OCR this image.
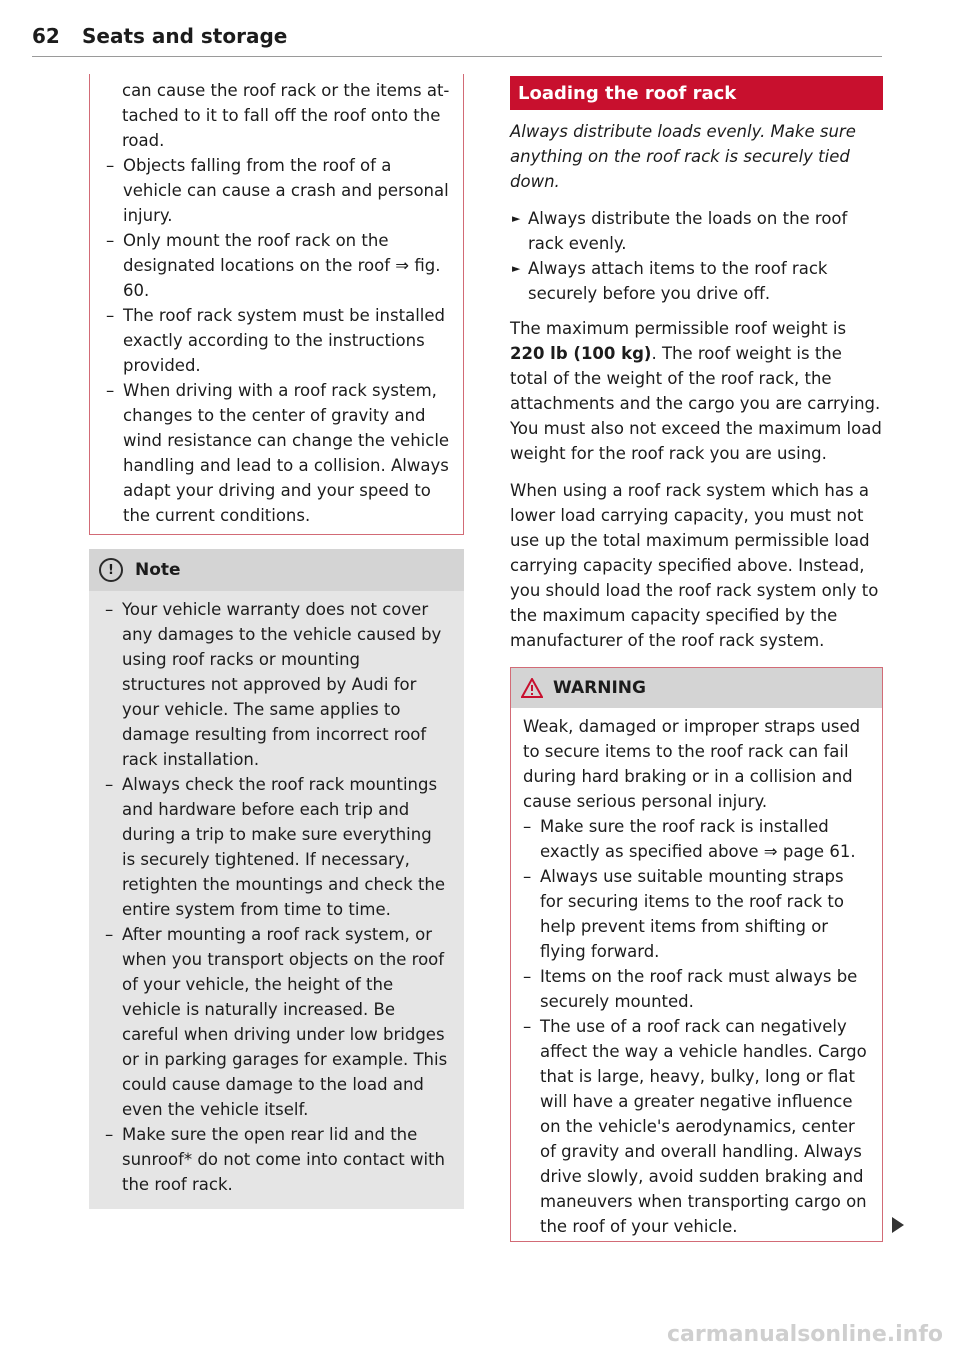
62 Seats and storage

can cause the roof rack or the items at-

tached to it to fall off the roof onto the

road.

– Objects falling from the roof of a vehicle can cause a crash and personal injury.
– Only mount the roof rack on the designated locations on the roof ⇒ fig. 60.
– The roof rack system must be installed exactly according to the instructions provided.
– When driving with a roof rack system, changes to the center of gravity and wind resistance can change the vehicle handling and lead to a collision. Always adapt your driving and your speed to the current conditions.
!	Note
– Your vehicle warranty does not cover any damages to the vehicle caused by using roof racks or mounting structures not approved by Audi for your vehicle. The same applies to damage resulting from incorrect roof rack installation.
– Always check the roof rack mountings and hardware before each trip and during a trip to make sure everything is securely tightened. If necessary, retighten the mountings and check the entire system from time to time.
– After mounting a roof rack system, or when you transport objects on the roof of your vehicle, the height of the vehicle is naturally increased. Be careful when driving under low bridges or in parking garages for example. This could cause damage to the load and even the vehicle itself.
– Make sure the open rear lid and the sunroof* do not come into contact with the roof rack.
Loading the roof rack

Always distribute loads evenly. Make sure anything on the roof rack is securely tied down.

► Always distribute the loads on the roof rack evenly.
► Always attach items to the roof rack securely before you drive off.

The maximum permissible roof weight is 220 lb (100 kg). The roof weight is the total of the weight of the roof rack, the attachments and the cargo you are carrying. You must also not exceed the maximum load weight for the roof rack you are using.

When using a roof rack system which has a lower load carrying capacity, you must not use up the total maximum permissible load carrying capacity specified above. Instead, you should load the roof rack system only to the maximum capacity specified by the manufacturer of the roof rack system.

WARNING

Weak, damaged or improper straps used to secure items to the roof rack can fail during hard braking or in a collision and cause serious personal injury.

– Make sure the roof rack is installed exactly as specified above ⇒ page 61.
– Always use suitable mounting straps for securing items to the roof rack to help prevent items from shifting or flying forward.
– Items on the roof rack must always be securely mounted.
– The use of a roof rack can negatively affect the way a vehicle handles. Cargo that is large, heavy, bulky, long or flat will have a greater negative influence on the vehicle's aerodynamics, center of gravity and overall handling. Always drive slowly, avoid sudden braking and maneuvers when transporting cargo on the roof of your vehicle.
carmanualsonline.info
